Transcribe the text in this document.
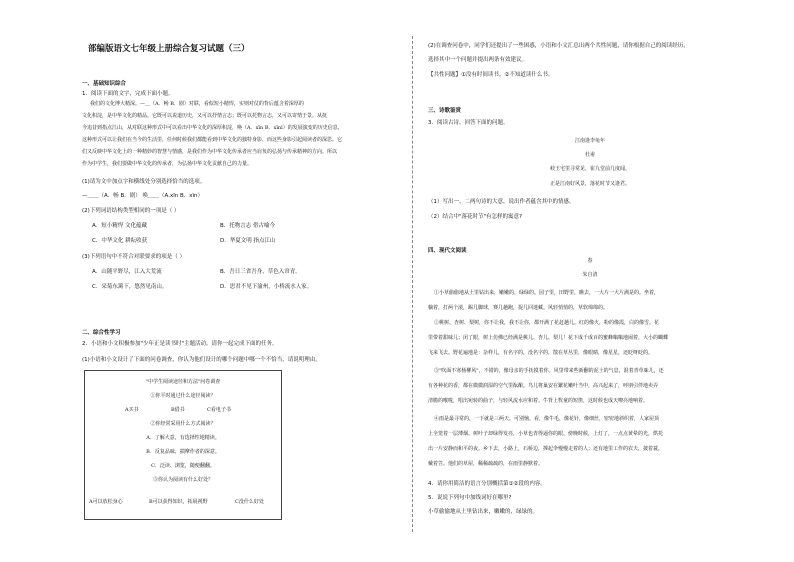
部编版语文七年级上册综合复习试题（三）
一、基础知识综合
1．阅读下面的文字，完成下面小题。
我们的文化博大精深。—＿（A．畅 B．剧）对联，看似短小精悍，实则对仗的背后蕴含着深厚的
文化积淀，是中华文化的精品。它既可以说道历史，又可以抒情言志；既可以托物言志，又可以寄情于景。从抚
今追昔到指点江山，从对联这种形式中可以看出中华文化的深厚积淀，唤（A．xīn B．xīnl）的发展演变的历史信息，
这种形式可以让我们在当今的生活里，任何时候我们都能看到中华文化的独特身影，而这些身影引起阅读者的深思。它
们又反映中华文化上的一种精妙的智慧与情感，是我们作为中华文化传承者应当肩负的弘扬与传承精神的方向。所以
作为中学生，我们要做中华文化的传承者，为弘扬中华文化贡献自己的力量。
(1)请为文中加点字和横线处分别选择恰当的选项。
—＿＿（A．畅 B．剧） 唤＿＿（A.xīn B．xīn）
(2)下列词语结构类型相同的一项是（ ）
A．短小精悍 文化蕴藏	B．托物言志 借古喻今
C．中华文化 耕耘收获	D．华夏文明 指点江山
(3)下列语句中不符合对联要求的项是（ ）
A．山随平野尽，江入大荒流	B．吾日三省吾身，草色入帘青。
C．采菊东篱下，悠然见南山。	D．思君不见下渝州，小桥流水人家。
二、综合性学习
2．小语和小文积极参加"少年正是读书时"主题活动。请你一起完成下面的任务。
(1)小语和小文设计了下面的问卷调查，你认为他们设计的哪个问题中哪一个不恰当，请说明理由。
"中学生阅读途径和方法"问卷调查
①你平时通过什么途径阅读？
A买书	B借书	C看电子书
②你经常采用什么方式阅读？
A．了解大意，有选择性地精读。
B．反复品味，揣摩作者的深意。
C．泛读、浏览，随便翻翻。
③你认为阅读有什么好处？
A可以放松身心	B可以获得知识，拓展视野	C没什么好处
(2)在调查问卷中，同学们还提出了一些困惑，小语和小文汇总出两个共性问题，请你根据自己的阅读经历，
选择其中一个问题并提出两条有效建议。
【共性问题】①没有时间读书。②不知道读什么书。
三、诗歌鉴赏
3．阅读古诗，回答下面的问题。
江南逢李龟年
杜甫
岐王宅里寻常见，崔九堂前几度闻。
正是江南好风景，落花时节又逢君。
（1）写出一、二两句诗的大意，说出作者蕴含其中的情感。
（2）结合中"落花时节"有怎样的寓意?
四、现代文阅读
春
朱自清
①小草偷偷地从土里钻出来，嫩嫩的，绿绿的。园子里，田野里，瞧去，一大片一大片满是的。坐着，
躺着，打两个滚，踢几脚球，赛几趟跑，捉几回迷藏。风轻悄悄的，草软绵绵的。
②桃树、杏树、梨树，你不让我，我不让你，都开满了花赶趟儿。红的像火，粉的像霞，白的像雪。花
里带着甜味儿；闭了眼，树上仿佛已经满是桃儿、杏儿、梨儿！花下成千成百的蜜蜂嗡嗡地闹着，大小的蝴蝶
飞来飞去。野花遍地是：杂样儿，有名字的，没名字的，散在草丛里，像眼睛，像星星，还眨呀眨的。
③"吹面不寒杨柳风"，不错的，像母亲的手抚摸着你。风里带来些新翻的泥土的气息，混着青草味儿，还
有各种花的香，都在微微润湿的空气里酝酿。鸟儿将巢安在繁花嫩叶当中，高兴起来了，呼朋引伴地卖弄
清脆的喉咙，唱出宛转的曲子，与轻风流水应和着。牛背上牧童的短笛，这时候也成天嘹亮地响着。
④雨是最寻常的，一下就是三两天。可别恼。看，像牛毛，像花针，像细丝，密密地斜织着，人家屋顶
上全笼着一层薄烟。树叶子却绿得发亮，小草也青得逼你的眼。傍晚时候，上灯了，一点点黄晕的光，烘托
出一片安静而和平的夜。乡下去，小路上，石桥边，撑起伞慢慢走着的人；还有地里工作的农夫，披着蓑，
戴着笠。他们的草屋，稀稀疏疏的，在雨里静默着。
4．请你用简洁的语言分别概括第①②段的内容。
5．说说下列句中加线词好在哪里?
小草偷偷地从土里钻出来，嫩嫩的，绿绿的。
